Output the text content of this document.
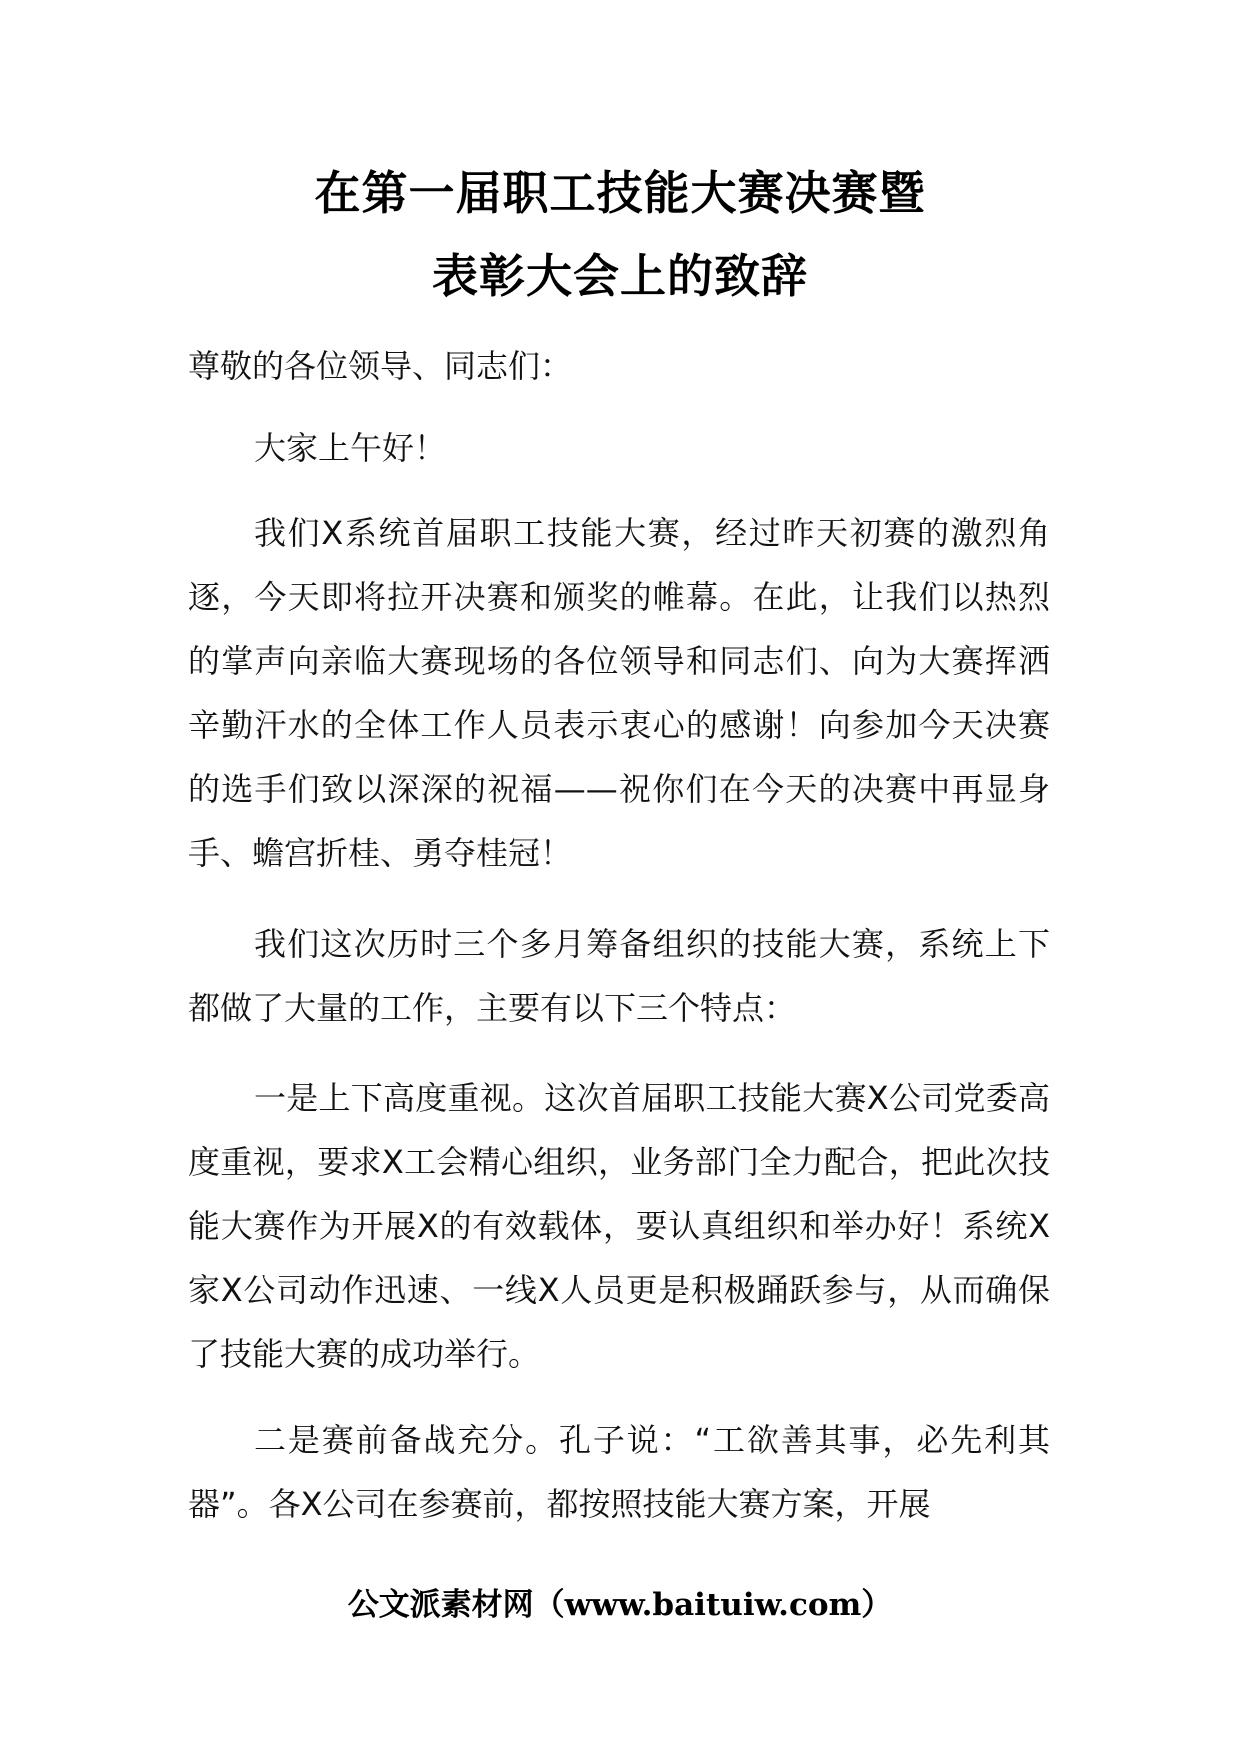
在第一届职工技能大赛决赛暨
表彰大会上的致辞
尊敬的各位领导、同志们：
大家上午好！
我们X系统首届职工技能大赛，经过昨天初赛的激烈角逐，今天即将拉开决赛和颁奖的帷幕。在此，让我们以热烈的掌声向亲临大赛现场的各位领导和同志们、向为大赛挥洒辛勤汗水的全体工作人员表示衷心的感谢！向参加今天决赛的选手们致以深深的祝福——祝你们在今天的决赛中再显身手、蟾宫折桂、勇夺桂冠！
我们这次历时三个多月筹备组织的技能大赛，系统上下都做了大量的工作，主要有以下三个特点：
一是上下高度重视。这次首届职工技能大赛X公司党委高度重视，要求X工会精心组织，业务部门全力配合，把此次技能大赛作为开展X的有效载体，要认真组织和举办好！系统X家X公司动作迅速、一线X人员更是积极踊跃参与，从而确保了技能大赛的成功举行。
二是赛前备战充分。孔子说：“工欲善其事，必先利其器”。各X公司在参赛前，都按照技能大赛方案，开展
公文派素材网（www.baituiw.com）
